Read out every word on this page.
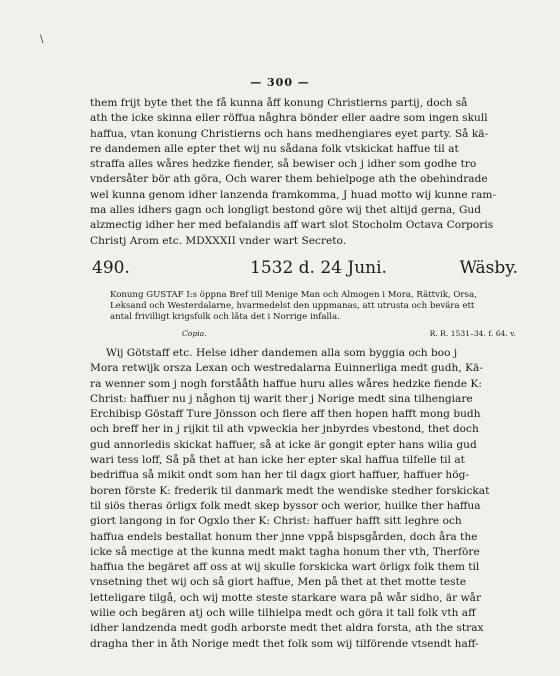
\
— 300 —
them frijt byte thet the få kunna åff konung Christierns partij, doch så
ath the icke skinna eller röffua någhra bönder eller aadre som ingen skull
haffua, vtan konung Christierns och hans medhengiares eyet party. Så kä-
re dandemen alle epter thet wij nu sådana folk vtskickat haffue til at
straffa alles wåres hedzke fiender, så bewiser och j idher som godhe tro
vndersåter bör ath göra, Och warer them behielpoge ath the obehindrade
wel kunna genom idher lanzenda framkomma, J huad motto wij kunne ram-
ma alles idhers gagn och longligt bestond göre wij thet altijd gerna, Gud
alzmectig idher her med befalandis aff wart slot Stocholm Octava Corporis
Christj Arom etc. MDXXXII vnder wart Secreto.
490.	1532 d. 24 Juni.	Wäsby.
Konung GUSTAF I:s öppna Bref till Menige Man och Almogen i Mora, Rättvik, Orsa,
Leksand och Westerdalarne, hvarmedelst den uppmanas, att utrusta och bevära ett
antal frivilligt krigsfolk och låta det i Norrige infalla.
Copia.	R. R. 1531–34. f. 64. v.
Wij Götstaff etc. Helse idher dandemen alla som byggia och boo j
Mora retwijk orsza Lexan och westredalarna Euinnerliga medt gudh, Kä-
ra wenner som j nogh forstååth haffue huru alles wåres hedzke fiende K:
Christ: haffuer nu j någhon tij warit ther j Norige medt sina tilhengiare
Erchibisp Göstaff Ture Jönsson och flere aff then hopen hafft mong budh
och breff her in j rijkit til ath vpweckia her jnbyrdes vbestond, thet doch
gud annorledis skickat haffuer, så at icke är gongit epter hans wilia gud
wari tess loff, Så på thet at han icke her epter skal haffua tilfelle til at
bedriffua så mikit ondt som han her til dagx giort haffuer, haffuer hög-
boren förste K: frederik til danmark medt the wendiske stedher forskickat
til siös theras örligx folk medt skep byssor och werior, huilke ther haffua
giort langong in for Ogxlo ther K: Christ: haffuer hafft sitt leghre och
haffua endels bestallat honum ther jnne vppå bispsgården, doch åra the
icke så mectige at the kunna medt makt tagha honum ther vth, Therföre
haffua the begäret aff oss at wij skulle forskicka wart örligx folk them til
vnsetning thet wij och så giort haffue, Men på thet at thet motte teste
letteligare tilgå, och wij motte steste starkare wara på wår sidho, är wår
wilie och begären atj och wille tilhielpa medt och göra it tall folk vth aff
idher landzenda medt godh arborste medt thet aldra forsta, ath the strax
dragha ther in åth Norige medt thet folk som wij tilförende vtsendt haff-
